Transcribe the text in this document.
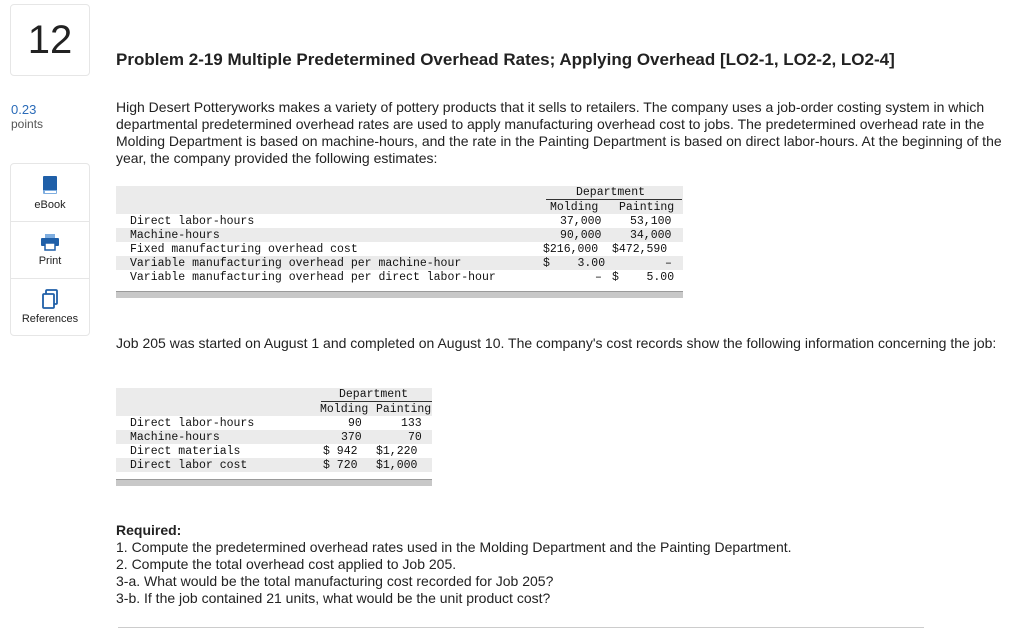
12
0.23
points
eBook
Print
References
Problem 2-19 Multiple Predetermined Overhead Rates; Applying Overhead [LO2-1, LO2-2, LO2-4]
High Desert Potteryworks makes a variety of pottery products that it sells to retailers. The company uses a job-order costing system in which departmental predetermined overhead rates are used to apply manufacturing overhead cost to jobs. The predetermined overhead rate in the Molding Department is based on machine-hours, and the rate in the Painting Department is based on direct labor-hours. At the beginning of the year, the company provided the following estimates:
Department
Molding Painting
Direct labor-hours	37,000 53,100
Machine-hours	90,000 34,000
Fixed manufacturing overhead cost	$216,000 $472,590
Variable manufacturing overhead per machine-hour	$    3.00	–
Variable manufacturing overhead per direct labor-hour	– $    5.00
Job 205 was started on August 1 and completed on August 10. The company's cost records show the following information concerning the job:
Department
Molding Painting
Direct labor-hours	90	133
Machine-hours	370	70
Direct materials	$ 942 $1,220
Direct labor cost	$ 720 $1,000
Required:
1. Compute the predetermined overhead rates used in the Molding Department and the Painting Department.
2. Compute the total overhead cost applied to Job 205.
3-a. What would be the total manufacturing cost recorded for Job 205?
3-b. If the job contained 21 units, what would be the unit product cost?
